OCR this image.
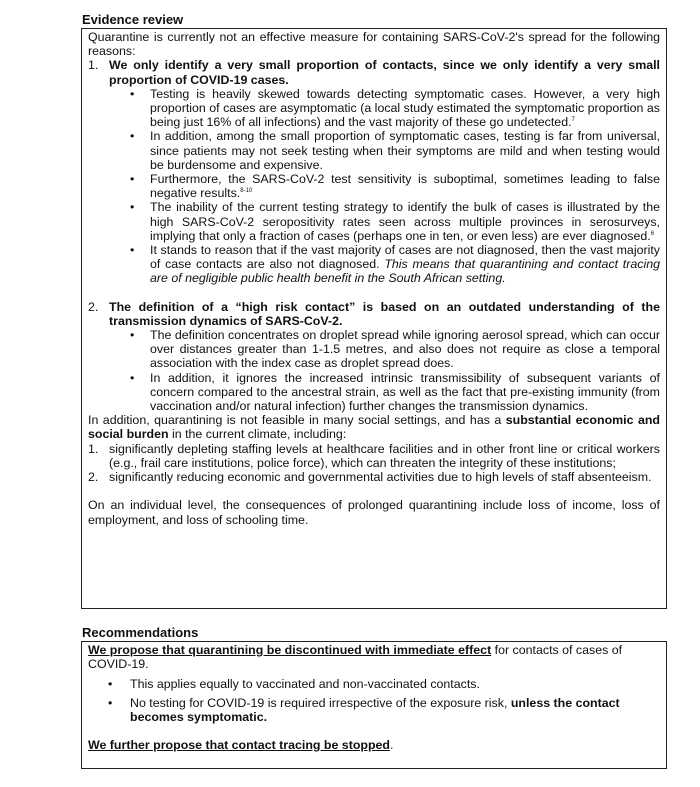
Evidence review
Quarantine is currently not an effective measure for containing SARS-CoV-2's spread for the following reasons:
1. We only identify a very small proportion of contacts, since we only identify a very small proportion of COVID-19 cases.
•	Testing is heavily skewed towards detecting symptomatic cases. However, a very high proportion of cases are asymptomatic (a local study estimated the symptomatic proportion as being just 16% of all infections) and the vast majority of these go undetected.$^7$
•	In addition, among the small proportion of symptomatic cases, testing is far from universal, since patients may not seek testing when their symptoms are mild and when testing would be burdensome and expensive.
•	Furthermore, the SARS-CoV-2 test sensitivity is suboptimal, sometimes leading to false negative results.$^{8-10}$
•	The inability of the current testing strategy to identify the bulk of cases is illustrated by the high SARS-CoV-2 seropositivity rates seen across multiple provinces in serosurveys, implying that only a fraction of cases (perhaps one in ten, or even less) are ever diagnosed.$^6$
•	It stands to reason that if the vast majority of cases are not diagnosed, then the vast majority of case contacts are also not diagnosed. This means that quarantining and contact tracing are of negligible public health benefit in the South African setting.
2. The definition of a “high risk contact” is based on an outdated understanding of the transmission dynamics of SARS-CoV-2.
•	The definition concentrates on droplet spread while ignoring aerosol spread, which can occur over distances greater than 1-1.5 metres, and also does not require as close a temporal association with the index case as droplet spread does.
•	In addition, it ignores the increased intrinsic transmissibility of subsequent variants of concern compared to the ancestral strain, as well as the fact that pre-existing immunity (from vaccination and/or natural infection) further changes the transmission dynamics.
In addition, quarantining is not feasible in many social settings, and has a substantial economic and social burden in the current climate, including:
1. significantly depleting staffing levels at healthcare facilities and in other front line or critical workers (e.g., frail care institutions, police force), which can threaten the integrity of these institutions;
2. significantly reducing economic and governmental activities due to high levels of staff absenteeism.
On an individual level, the consequences of prolonged quarantining include loss of income, loss of employment, and loss of schooling time.
Recommendations
We propose that quarantining be discontinued with immediate effect for contacts of cases of COVID-19.
•	This applies equally to vaccinated and non-vaccinated contacts.
•	No testing for COVID-19 is required irrespective of the exposure risk, unless the contact becomes symptomatic.
We further propose that contact tracing be stopped.
